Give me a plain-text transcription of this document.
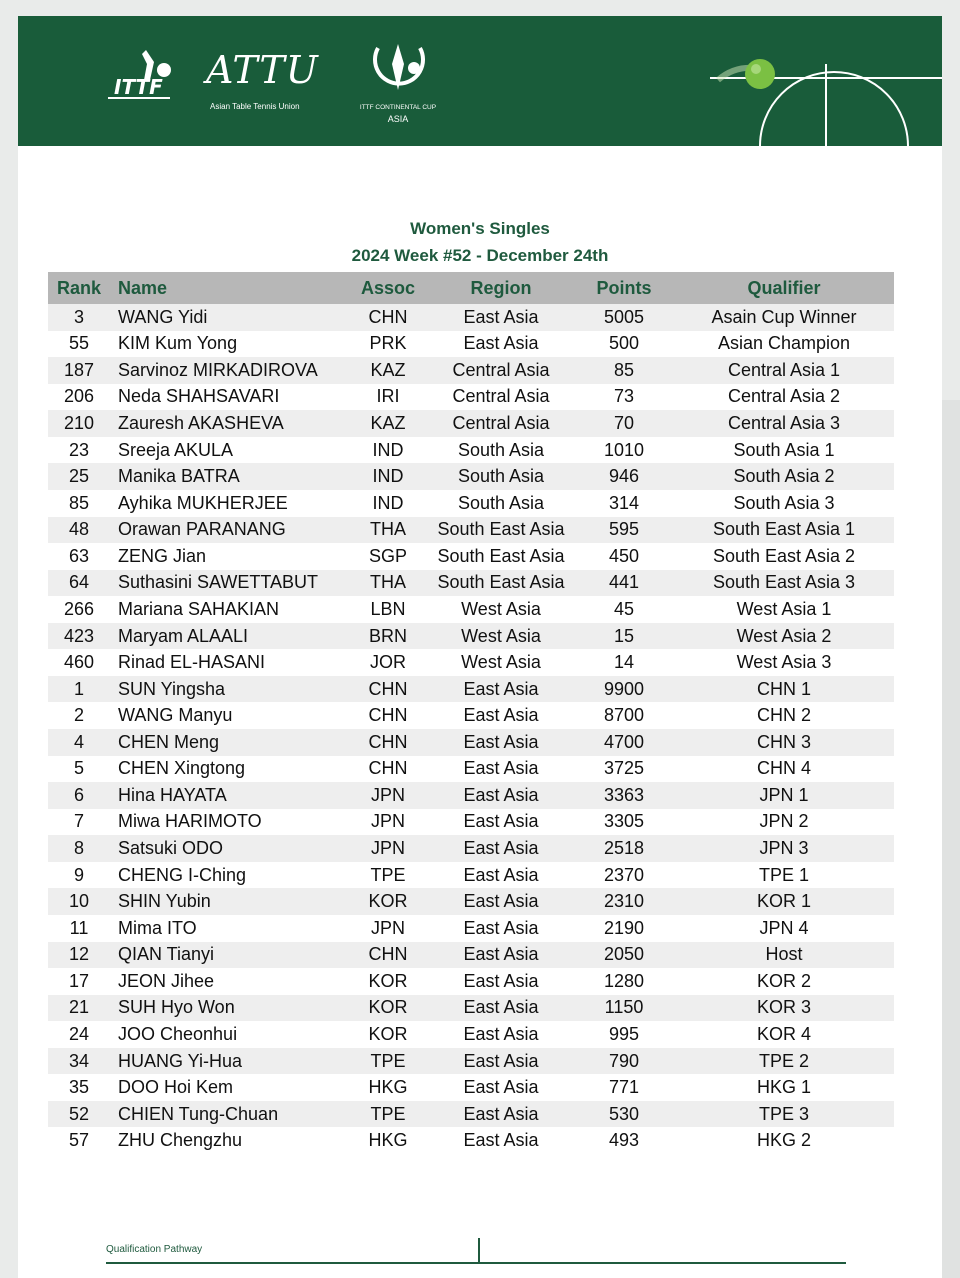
ITTF ATTU
Asian Table Tennis Union	ITTF CONTINENTAL CUP
ASIA
Women's Singles
2024 Week #52 - December 24th
Rank	Name	Assoc	Region	Points	Qualifier
3	WANG Yidi	CHN	East Asia	5005	Asain Cup Winner
55	KIM Kum Yong	PRK	East Asia	500	Asian Champion
187	Sarvinoz MIRKADIROVA	KAZ	Central Asia	85	Central Asia 1
206	Neda SHAHSAVARI	IRI	Central Asia	73	Central Asia 2
210	Zauresh AKASHEVA	KAZ	Central Asia	70	Central Asia 3
23	Sreeja AKULA	IND	South Asia	1010	South Asia 1
25	Manika BATRA	IND	South Asia	946	South Asia 2
85	Ayhika MUKHERJEE	IND	South Asia	314	South Asia 3
48	Orawan PARANANG	THA	South East Asia	595	South East Asia 1
63	ZENG Jian	SGP	South East Asia	450	South East Asia 2
64	Suthasini SAWETTABUT	THA	South East Asia	441	South East Asia 3
266	Mariana SAHAKIAN	LBN	West Asia	45	West Asia 1
423	Maryam ALAALI	BRN	West Asia	15	West Asia 2
460	Rinad EL-HASANI	JOR	West Asia	14	West Asia 3
1	SUN Yingsha	CHN	East Asia	9900	CHN 1
2	WANG Manyu	CHN	East Asia	8700	CHN 2
4	CHEN Meng	CHN	East Asia	4700	CHN 3
5	CHEN Xingtong	CHN	East Asia	3725	CHN 4
6	Hina HAYATA	JPN	East Asia	3363	JPN 1
7	Miwa HARIMOTO	JPN	East Asia	3305	JPN 2
8	Satsuki ODO	JPN	East Asia	2518	JPN 3
9	CHENG I-Ching	TPE	East Asia	2370	TPE 1
10	SHIN Yubin	KOR	East Asia	2310	KOR 1
11	Mima ITO	JPN	East Asia	2190	JPN 4
12	QIAN Tianyi	CHN	East Asia	2050	Host
17	JEON Jihee	KOR	East Asia	1280	KOR 2
21	SUH Hyo Won	KOR	East Asia	1150	KOR 3
24	JOO Cheonhui	KOR	East Asia	995	KOR 4
34	HUANG Yi-Hua	TPE	East Asia	790	TPE 2
35	DOO Hoi Kem	HKG	East Asia	771	HKG 1
52	CHIEN Tung-Chuan	TPE	East Asia	530	TPE 3
57	ZHU Chengzhu	HKG	East Asia	493	HKG 2
Qualification Pathway
